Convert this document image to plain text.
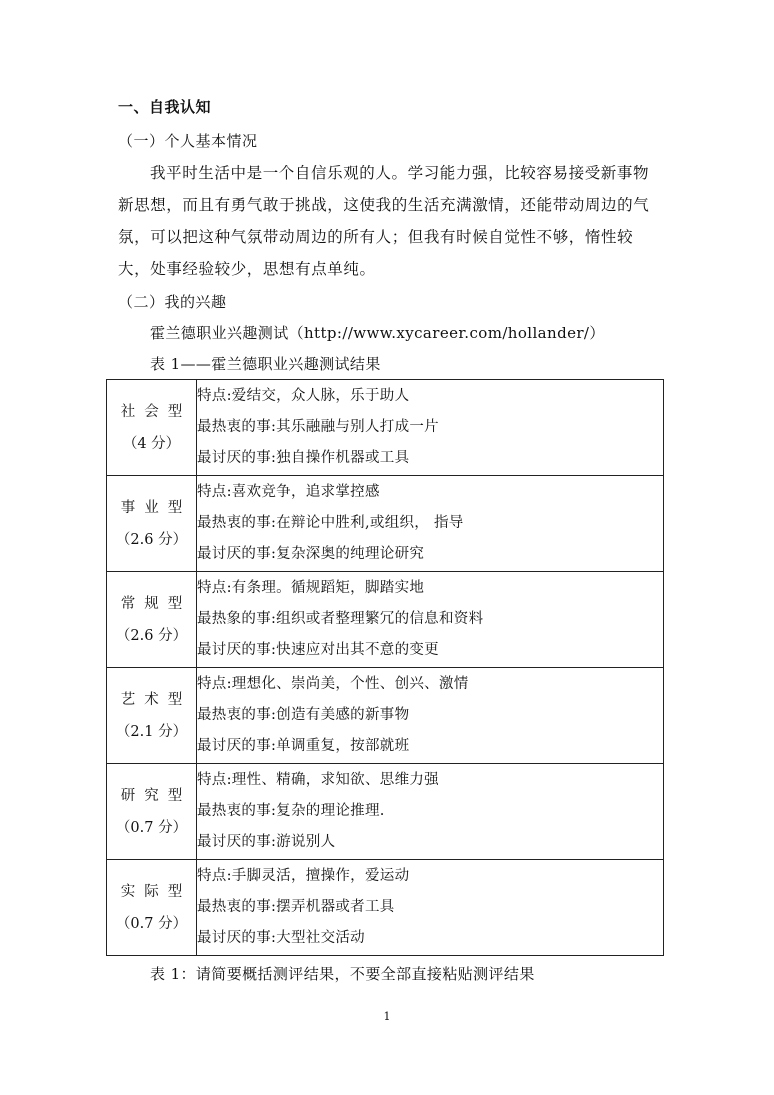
一、自我认知
（一）个人基本情况

我平时生活中是一个自信乐观的人。学习能力强，比较容易接受新事物新思想，而且有勇气敢于挑战，这使我的生活充满激情，还能带动周边的气氛，可以把这种气氛带动周边的所有人；但我有时候自觉性不够，惰性较大，处事经验较少，思想有点单纯。

（二）我的兴趣
霍兰德职业兴趣测试（http://www.xycareer.com/hollander/）
表 1——霍兰德职业兴趣测试结果
社会型
（4 分）	特点:爱结交，众人脉，乐于助人
最热衷的事:其乐融融与别人打成一片
最讨厌的事:独自操作机器或工具

事业型
（2.6 分）	特点:喜欢竞争，追求掌控感
最热衷的事:在辩论中胜利,或组织， 指导
最讨厌的事:复杂深奥的纯理论研究

常规型
（2.6 分）	特点:有条理。循规蹈矩，脚踏实地
最热象的事:组织或者整理繁冗的信息和资料
最讨厌的事:快速应对出其不意的变更

艺术型
（2.1 分）	特点:理想化、崇尚美，个性、创兴、激情
最热衷的事:创造有美感的新事物
最讨厌的事:单调重复，按部就班

研究型
（0.7 分）	特点:理性、精确，求知欲、思维力强
最热衷的事:复杂的理论推理.
最讨厌的事:游说别人

实际型
（0.7 分）	特点:手脚灵活，擅操作，爱运动
最热衷的事:摆弄机器或者工具
最讨厌的事:大型社交活动
表 1：请简要概括测评结果，不要全部直接粘贴测评结果
1
